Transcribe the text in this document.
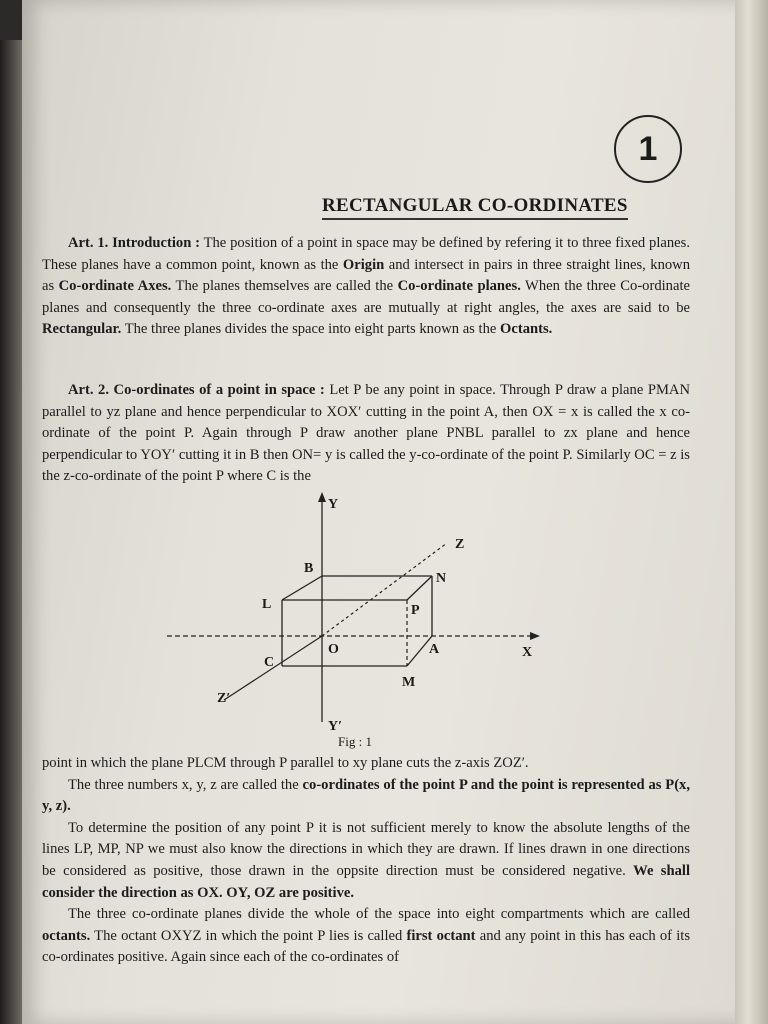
1
RECTANGULAR CO-ORDINATES

Art. 1. Introduction : The position of a point in space may be defined by refering it to three fixed planes. These planes have a common point, known as the Origin and intersect in pairs in three straight lines, known as Co-ordinate Axes. The planes themselves are called the Co-ordinate planes. When the three Co-ordinate planes and consequently the three co-ordinate axes are mutually at right angles, the axes are said to be Rectangular. The three planes divides the space into eight parts known as the Octants.

Art. 2. Co-ordinates of a point in space : Let P be any point in space. Through P draw a plane PMAN parallel to yz plane and hence perpendicular to XOX′ cutting in the point A, then OX = x is called the x co-ordinate of the point P. Again through P draw another plane PNBL parallel to zx plane and hence perpendicular to YOY′ cutting it in B then ON= y is called the y-co-ordinate of the point P. Similarly OC = z is the z-co-ordinate of the point P where C is the

Y
Z
B
N
L	P
O	A	X
C
M
Z′
Y′
Fig : 1

point in which the plane PLCM through P parallel to xy plane cuts the z-axis ZOZ′.

The three numbers x, y, z are called the co-ordinates of the point P and the point is represented as P(x, y, z).

To determine the position of any point P it is not sufficient merely to know the absolute lengths of the lines LP, MP, NP we must also know the directions in which they are drawn. If lines drawn in one directions be considered as positive, those drawn in the oppsite direction must be considered negative. We shall consider the direction as OX. OY, OZ are positive.

The three co-ordinate planes divide the whole of the space into eight compartments which are called octants. The octant OXYZ in which the point P lies is called first octant and any point in this has each of its co-ordinates positive. Again since each of the co-ordinates of
